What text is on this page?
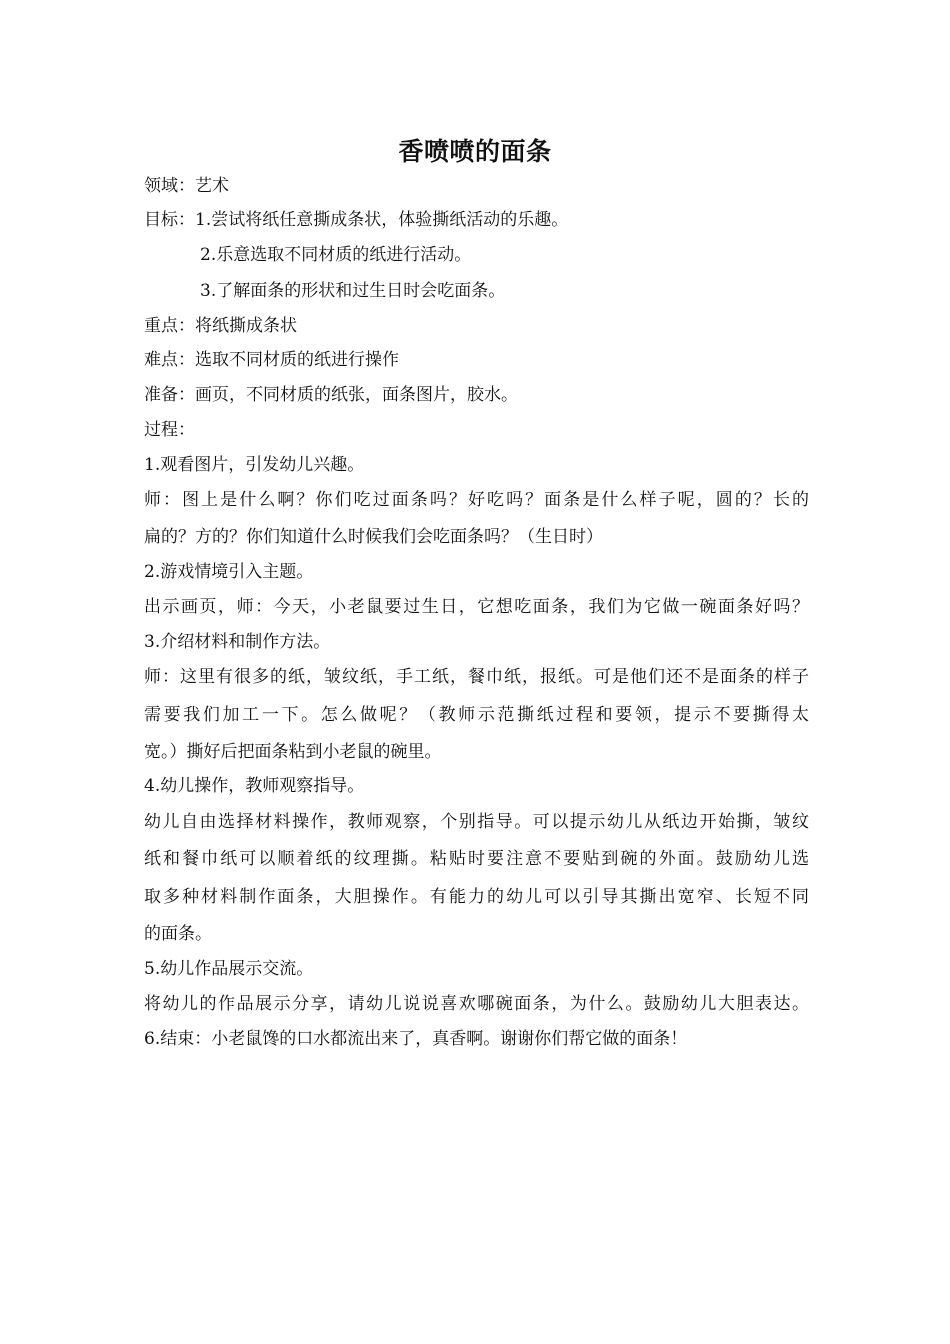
香喷喷的面条
领域：艺术
目标：1.尝试将纸任意撕成条状，体验撕纸活动的乐趣。
2.乐意选取不同材质的纸进行活动。
3.了解面条的形状和过生日时会吃面条。
重点：将纸撕成条状
难点：选取不同材质的纸进行操作
准备：画页，不同材质的纸张，面条图片，胶水。
过程：
1.观看图片，引发幼儿兴趣。
师：图上是什么啊？你们吃过面条吗？好吃吗？面条是什么样子呢，圆的？长的
扁的？方的？你们知道什么时候我们会吃面条吗？（生日时）
2.游戏情境引入主题。
出示画页，师：今天，小老鼠要过生日，它想吃面条，我们为它做一碗面条好吗？
3.介绍材料和制作方法。
师：这里有很多的纸，皱纹纸，手工纸，餐巾纸，报纸。可是他们还不是面条的样子
需要我们加工一下。怎么做呢？（教师示范撕纸过程和要领，提示不要撕得太
宽。）撕好后把面条粘到小老鼠的碗里。
4.幼儿操作，教师观察指导。
幼儿自由选择材料操作，教师观察，个别指导。可以提示幼儿从纸边开始撕，皱纹
纸和餐巾纸可以顺着纸的纹理撕。粘贴时要注意不要贴到碗的外面。鼓励幼儿选
取多种材料制作面条，大胆操作。有能力的幼儿可以引导其撕出宽窄、长短不同
的面条。
5.幼儿作品展示交流。
将幼儿的作品展示分享，请幼儿说说喜欢哪碗面条，为什么。鼓励幼儿大胆表达。
6.结束：小老鼠馋的口水都流出来了，真香啊。谢谢你们帮它做的面条！
